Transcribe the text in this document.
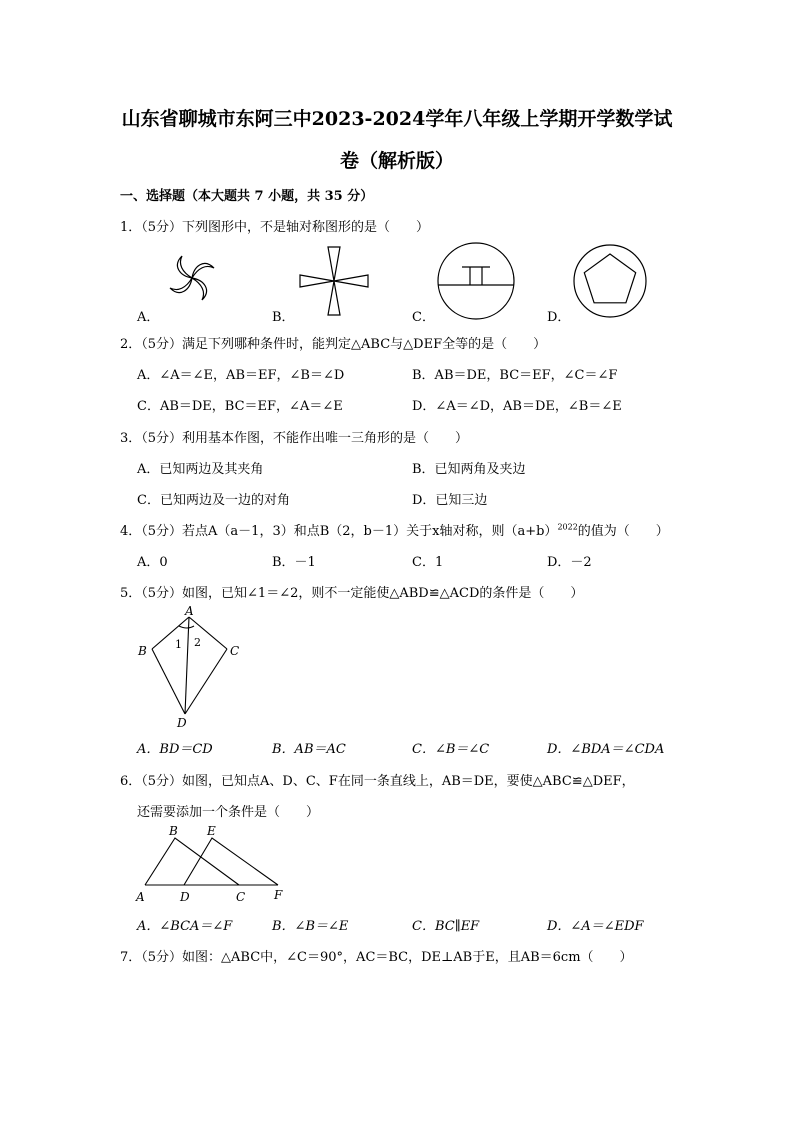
山东省聊城市东阿三中2023-2024学年八年级上学期开学数学试
卷（解析版）
一、选择题（本大题共 7 小题，共 35 分）
1．（5分）下列图形中，不是轴对称图形的是（　　）
A．	B．	C．	D．
2．（5分）满足下列哪种条件时，能判定△ABC与△DEF全等的是（　　）
A．∠A＝∠E，AB＝EF，∠B＝∠D	B．AB＝DE，BC＝EF，∠C＝∠F
C．AB＝DE，BC＝EF，∠A＝∠E	D．∠A＝∠D，AB＝DE，∠B＝∠E
3．（5分）利用基本作图，不能作出唯一三角形的是（　　）
A．已知两边及其夹角	B．已知两角及夹边
C．已知两边及一边的对角	D．已知三边
4．（5分）若点A（a－1，3）和点B（2，b－1）关于x轴对称，则$(a+b)^{2022}$的值为（　　）
A．0	B．－1	C．1	D．－2
5．（5分）如图，已知∠1＝∠2，则不一定能使△ABD≌△ACD的条件是（　　）
A
B	C
D
1 2
A．BD＝CD	B．AB＝AC	C．∠B＝∠C	D．∠BDA＝∠CDA
6．（5分）如图，已知点A、D、C、F在同一条直线上，AB＝DE，要使△ABC≌△DEF，
还需要添加一个条件是（　　）
A
B
C
D
E
F
A．∠BCA＝∠F	B．∠B＝∠E	C．BC∥EF	D．∠A＝∠EDF
7．（5分）如图：△ABC中，∠C＝90°，AC＝BC，DE⊥AB于E，且AB＝6cm（　　）
